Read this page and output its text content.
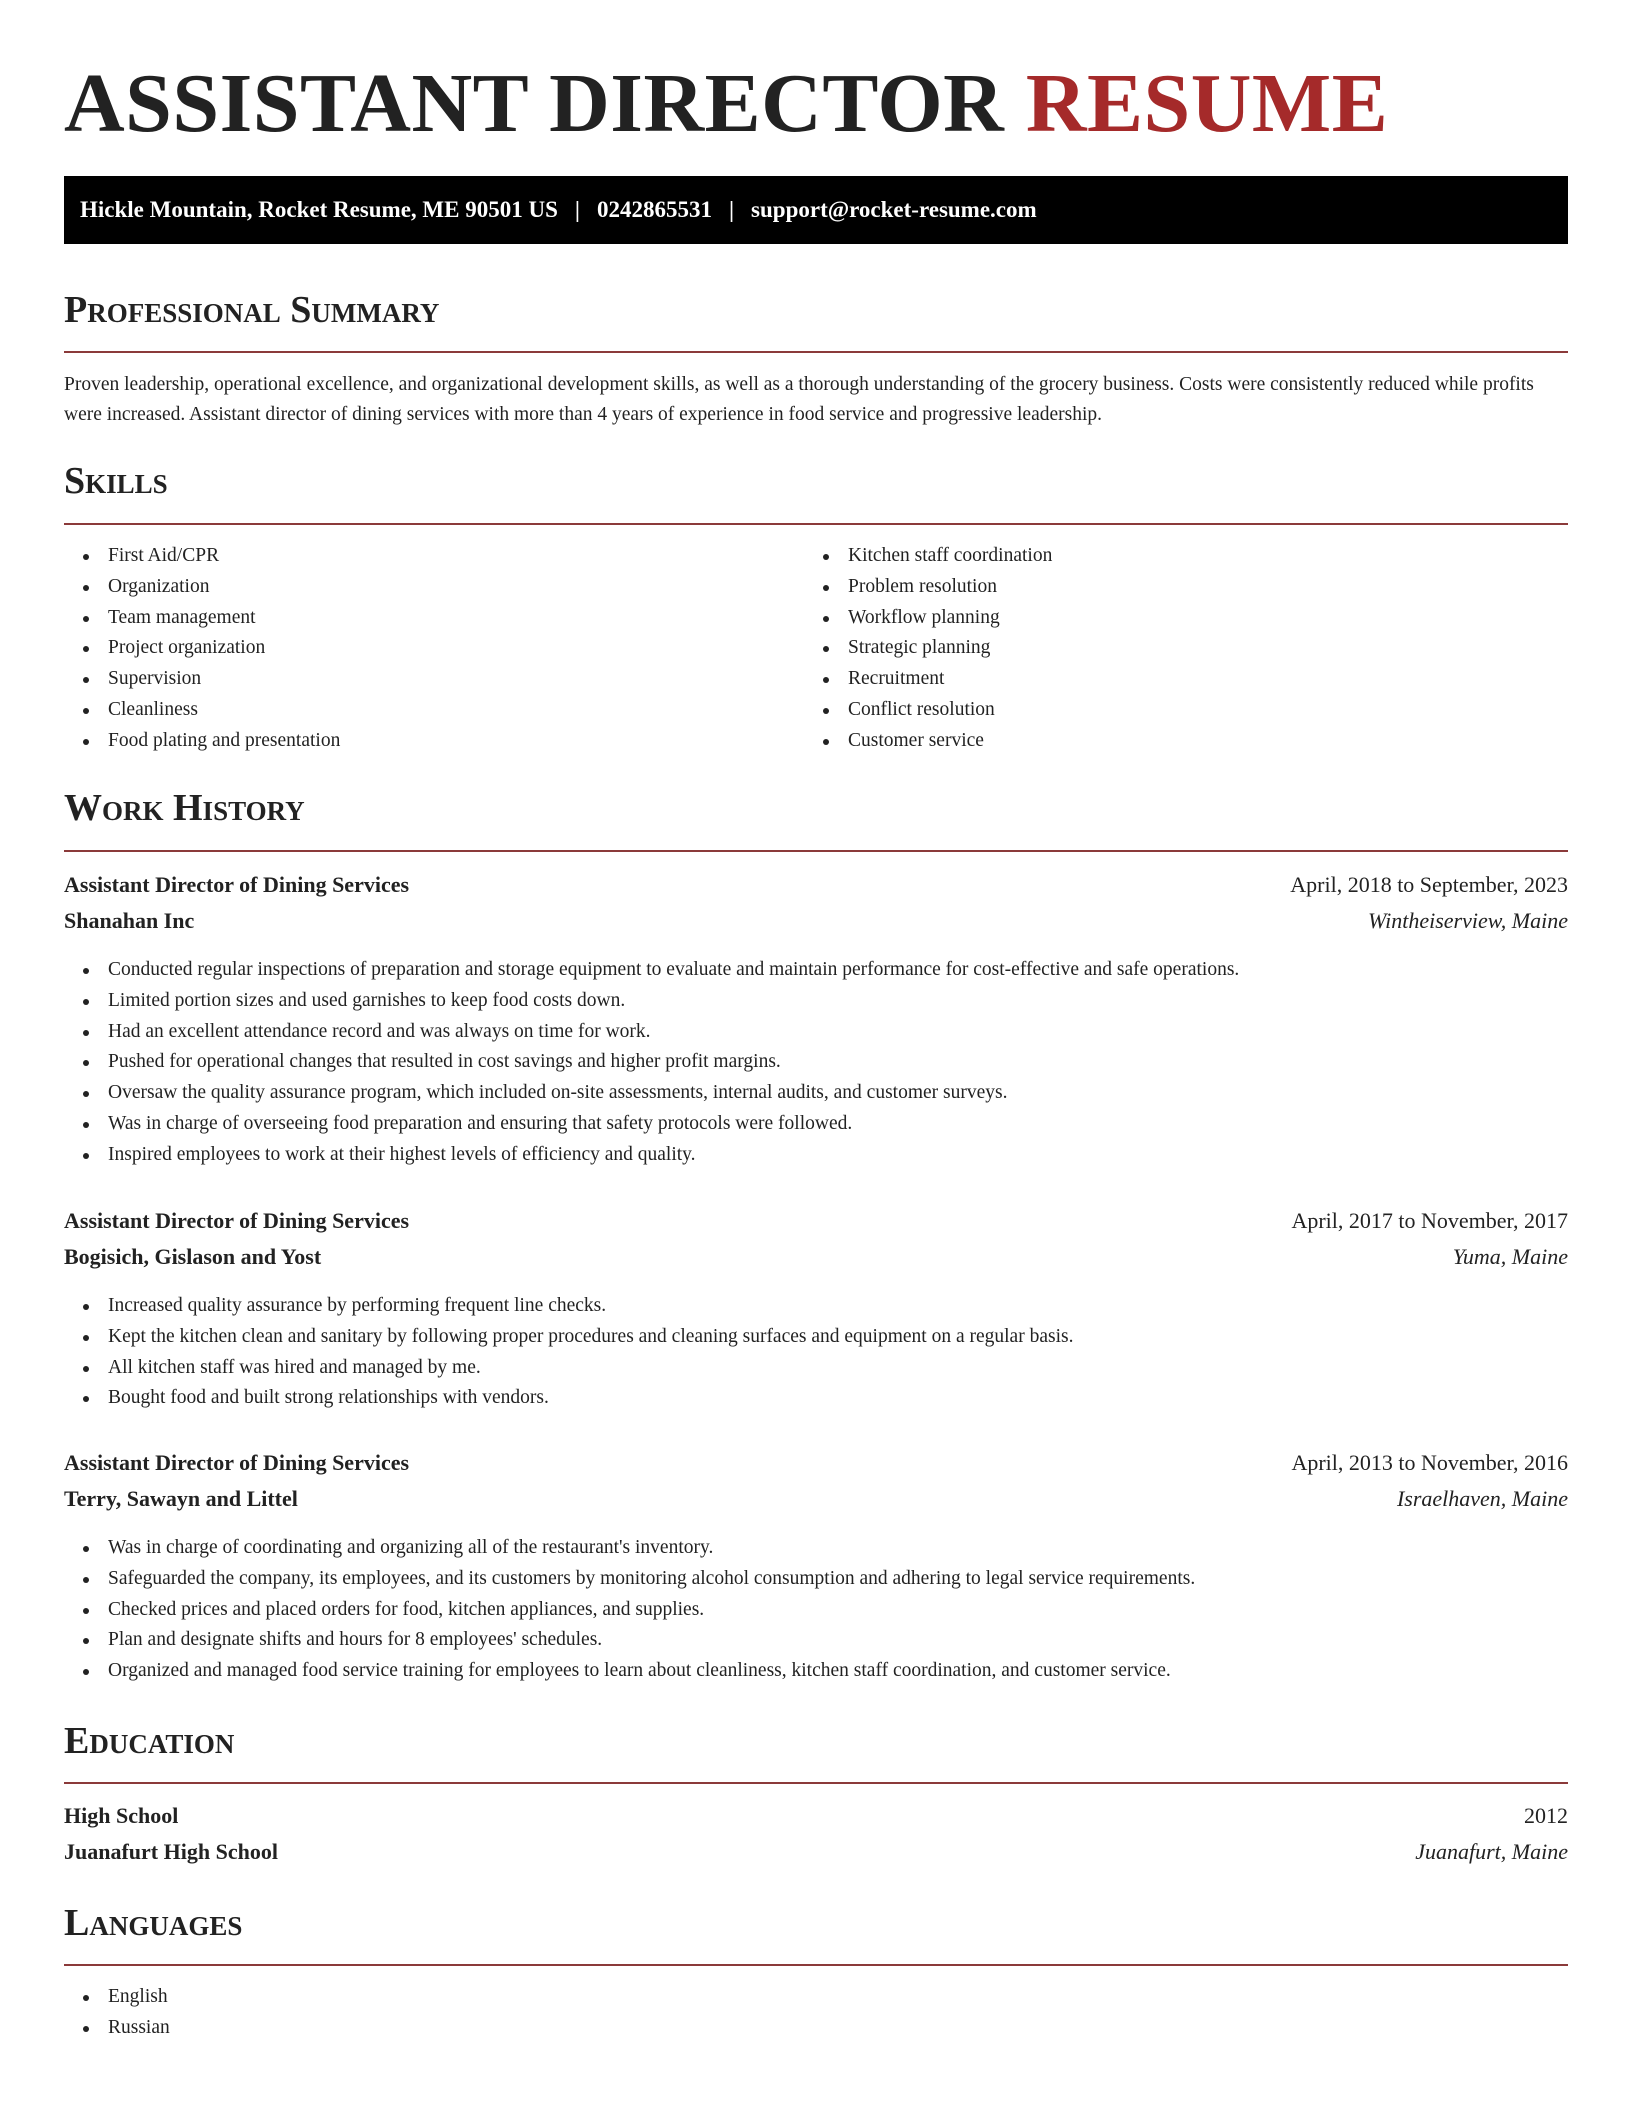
ASSISTANT DIRECTOR RESUME
Hickle Mountain, Rocket Resume, ME 90501 US | 0242865531 | support@rocket-resume.com
Professional Summary

Proven leadership, operational excellence, and organizational development skills, as well as a thorough understanding of the grocery business. Costs were consistently reduced while profits were increased. Assistant director of dining services with more than 4 years of experience in food service and progressive leadership.

Skills
First Aid/CPR
Organization
Team management
Project organization
Supervision
Cleanliness
Food plating and presentation
Kitchen staff coordination
Problem resolution
Workflow planning
Strategic planning
Recruitment
Conflict resolution
Customer service
Work History
Assistant Director of Dining Services	April, 2018 to September, 2023
Shanahan Inc	Wintheiserview, Maine
Conducted regular inspections of preparation and storage equipment to evaluate and maintain performance for cost-effective and safe operations.
Limited portion sizes and used garnishes to keep food costs down.
Had an excellent attendance record and was always on time for work.
Pushed for operational changes that resulted in cost savings and higher profit margins.
Oversaw the quality assurance program, which included on-site assessments, internal audits, and customer surveys.
Was in charge of overseeing food preparation and ensuring that safety protocols were followed.
Inspired employees to work at their highest levels of efficiency and quality.
Assistant Director of Dining Services	April, 2017 to November, 2017
Bogisich, Gislason and Yost	Yuma, Maine
Increased quality assurance by performing frequent line checks.
Kept the kitchen clean and sanitary by following proper procedures and cleaning surfaces and equipment on a regular basis.
All kitchen staff was hired and managed by me.
Bought food and built strong relationships with vendors.
Assistant Director of Dining Services	April, 2013 to November, 2016
Terry, Sawayn and Littel	Israelhaven, Maine
Was in charge of coordinating and organizing all of the restaurant's inventory.
Safeguarded the company, its employees, and its customers by monitoring alcohol consumption and adhering to legal service requirements.
Checked prices and placed orders for food, kitchen appliances, and supplies.
Plan and designate shifts and hours for 8 employees' schedules.
Organized and managed food service training for employees to learn about cleanliness, kitchen staff coordination, and customer service.
Education
High School	2012
Juanafurt High School	Juanafurt, Maine
Languages
English
Russian
